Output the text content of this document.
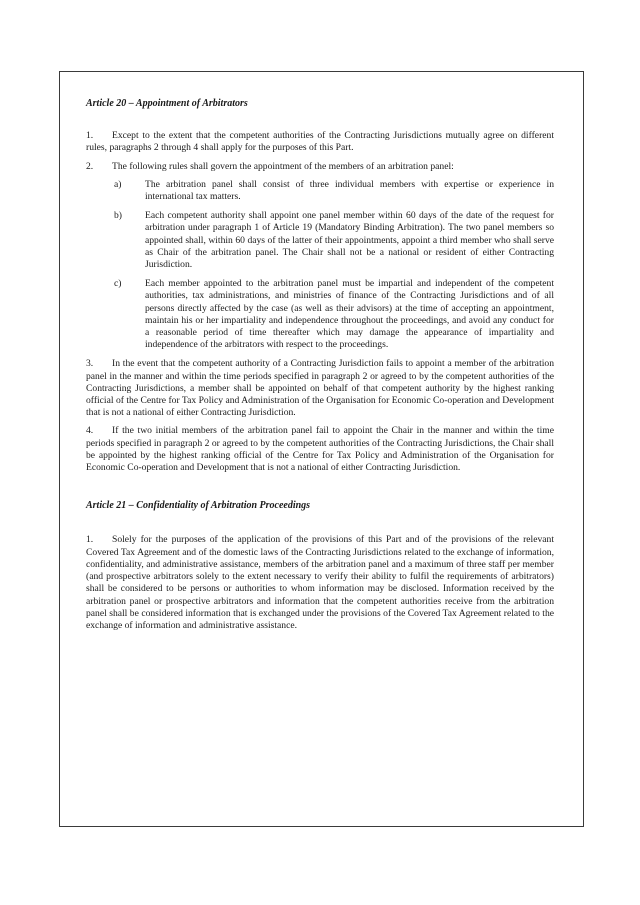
Article 20 – Appointment of Arbitrators

1. Except to the extent that the competent authorities of the Contracting Jurisdictions mutually agree on different rules, paragraphs 2 through 4 shall apply for the purposes of this Part.

2.	The following rules shall govern the appointment of the members of an arbitration panel:
a)	The arbitration panel shall consist of three individual members with expertise or experience in international tax matters.
b)	Each competent authority shall appoint one panel member within 60 days of the date of the request for arbitration under paragraph 1 of Article 19 (Mandatory Binding Arbitration). The two panel members so appointed shall, within 60 days of the latter of their appointments, appoint a third member who shall serve as Chair of the arbitration panel. The Chair shall not be a national or resident of either Contracting Jurisdiction.
c)	Each member appointed to the arbitration panel must be impartial and independent of the competent authorities, tax administrations, and ministries of finance of the Contracting Jurisdictions and of all persons directly affected by the case (as well as their advisors) at the time of accepting an appointment, maintain his or her impartiality and independence throughout the proceedings, and avoid any conduct for a reasonable period of time thereafter which may damage the appearance of impartiality and independence of the arbitrators with respect to the proceedings.

3. In the event that the competent authority of a Contracting Jurisdiction fails to appoint a member of the arbitration panel in the manner and within the time periods specified in paragraph 2 or agreed to by the competent authorities of the Contracting Jurisdictions, a member shall be appointed on behalf of that competent authority by the highest ranking official of the Centre for Tax Policy and Administration of the Organisation for Economic Co-operation and Development that is not a national of either Contracting Jurisdiction.

4. If the two initial members of the arbitration panel fail to appoint the Chair in the manner and within the time periods specified in paragraph 2 or agreed to by the competent authorities of the Contracting Jurisdictions, the Chair shall be appointed by the highest ranking official of the Centre for Tax Policy and Administration of the Organisation for Economic Co-operation and Development that is not a national of either Contracting Jurisdiction.

Article 21 – Confidentiality of Arbitration Proceedings

1. Solely for the purposes of the application of the provisions of this Part and of the provisions of the relevant Covered Tax Agreement and of the domestic laws of the Contracting Jurisdictions related to the exchange of information, confidentiality, and administrative assistance, members of the arbitration panel and a maximum of three staff per member (and prospective arbitrators solely to the extent necessary to verify their ability to fulfil the requirements of arbitrators) shall be considered to be persons or authorities to whom information may be disclosed. Information received by the arbitration panel or prospective arbitrators and information that the competent authorities receive from the arbitration panel shall be considered information that is exchanged under the provisions of the Covered Tax Agreement related to the exchange of information and administrative assistance.
